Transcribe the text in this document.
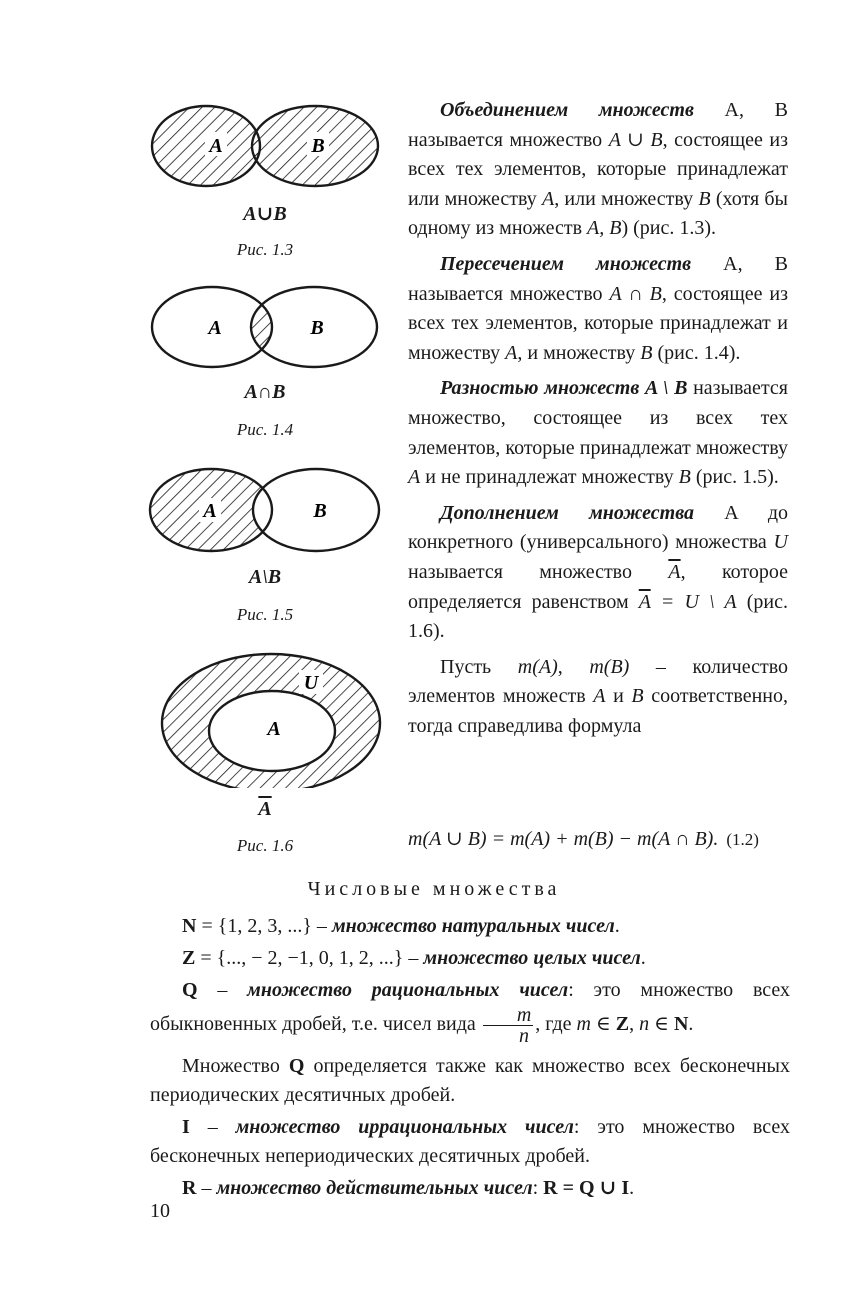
A	B
A∪B
Рис. 1.3
A	B
A∩B
Рис. 1.4
A	B
A\B
Рис. 1.5
U
A
$\overline{A}$
Рис. 1.6

Объединением множеств A, B называется множество A ∪ B, состоящее из всех тех элементов, которые принадлежат или множеству A, или множеству B (хотя бы одному из множеств A, B) (рис. 1.3).

Пересечением множеств A, B называется множество A ∩ B, состоящее из всех тех элементов, которые принадлежат и множеству A, и множеству B (рис. 1.4).

Разностью множеств A \ B называется множество, состоящее из всех тех элементов, которые принадлежат множеству A и не принадлежат множеству B (рис. 1.5).

Дополнением множества A до конкретного (универсального) множества U называется множество $\overline{A}$, которое определяется равенством $\overline{A} = U$ \ A (рис. 1.6).

Пусть m(A), m(B) – количество элементов множеств A и B соответственно, тогда справедлива формула

m(A ∪ B) = m(A) + m(B) − m(A ∩ B). (1.2)
Числовые множества

N = {1, 2, 3, ...} – множество натуральных чисел.

Z = {..., − 2, −1, 0, 1, 2, ...} – множество целых чисел.

Q – множество рациональных чисел: это множество всех обыкновенных дробей, т.е. чисел вида $\frac{m}{n}$ , где m ∈ Z, n ∈ N.

Множество Q определяется также как множество всех бесконечных периодических десятичных дробей.

I – множество иррациональных чисел: это множество всех бесконечных непериодических десятичных дробей.

R – множество действительных чисел: R = Q ∪ I.

10
